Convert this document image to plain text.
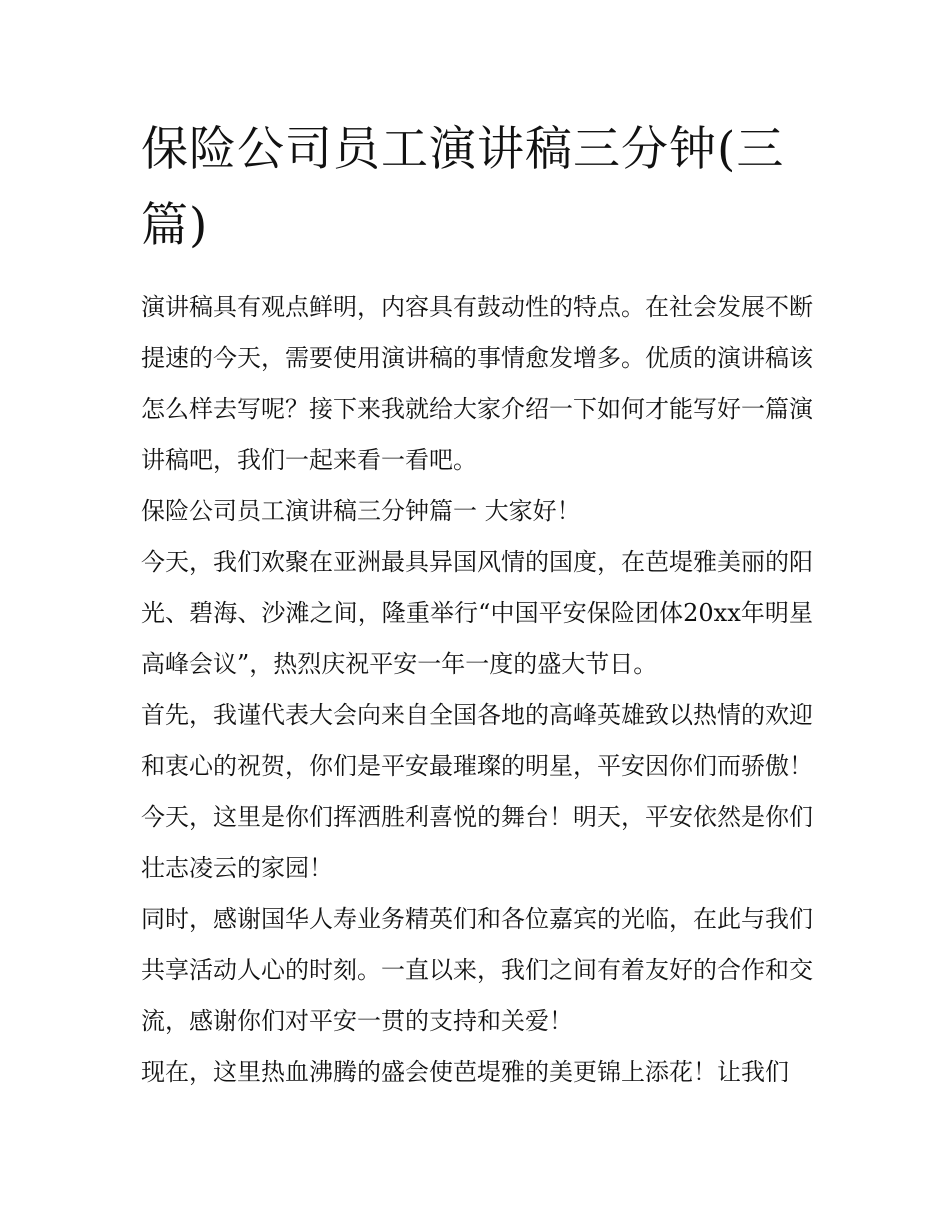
保险公司员工演讲稿三分钟(三篇)

演讲稿具有观点鲜明，内容具有鼓动性的特点。在社会发展不断提速的今天，需要使用演讲稿的事情愈发增多。优质的演讲稿该怎么样去写呢？接下来我就给大家介绍一下如何才能写好一篇演讲稿吧，我们一起来看一看吧。

保险公司员工演讲稿三分钟篇一 大家好！

今天，我们欢聚在亚洲最具异国风情的国度，在芭堤雅美丽的阳光、碧海、沙滩之间，隆重举行“中国平安保险团体20xx年明星高峰会议”，热烈庆祝平安一年一度的盛大节日。

首先，我谨代表大会向来自全国各地的高峰英雄致以热情的欢迎和衷心的祝贺，你们是平安最璀璨的明星，平安因你们而骄傲！今天，这里是你们挥洒胜利喜悦的舞台！明天，平安依然是你们壮志凌云的家园！

同时，感谢国华人寿业务精英们和各位嘉宾的光临，在此与我们共享活动人心的时刻。一直以来，我们之间有着友好的合作和交流，感谢你们对平安一贯的支持和关爱！

现在，这里热血沸腾的盛会使芭堤雅的美更锦上添花！让我们
